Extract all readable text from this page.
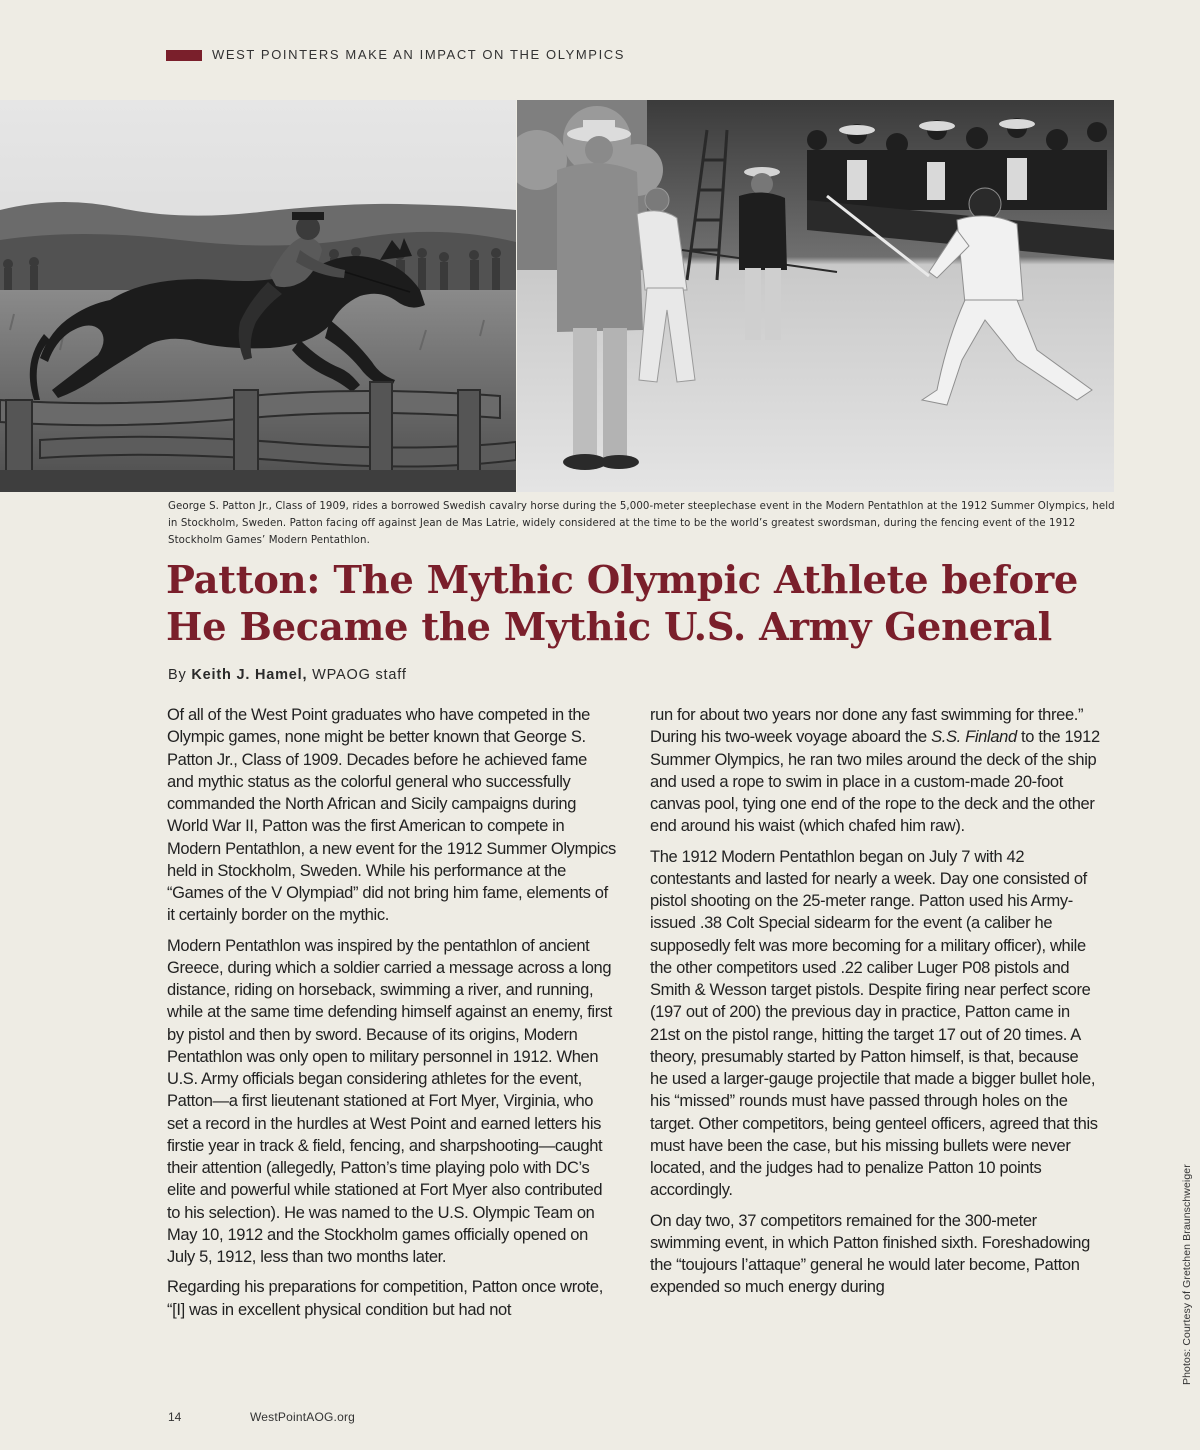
WEST POINTERS MAKE AN IMPACT ON THE OLYMPICS

George S. Patton Jr., Class of 1909, rides a borrowed Swedish cavalry horse during the 5,000-meter steeplechase event in the Modern Pentathlon at the 1912 Summer Olympics, held in Stockholm, Sweden. Patton facing off against Jean de Mas Latrie, widely considered at the time to be the world’s greatest swordsman, during the fencing event of the 1912 Stockholm Games’ Modern Pentathlon.

Patton: The Mythic Olympic Athlete before
He Became the Mythic U.S. Army General
By Keith J. Hamel, WPAOG staff

Of all of the West Point graduates who have competed in the Olympic games, none might be better known that George S. Patton Jr., Class of 1909. Decades before he achieved fame and mythic status as the colorful general who successfully commanded the North African and Sicily campaigns during World War II, Patton was the first American to compete in Modern Pentathlon, a new event for the 1912 Summer Olympics held in Stockholm, Sweden. While his performance at the “Games of the V Olympiad” did not bring him fame, elements of it certainly border on the mythic.

Modern Pentathlon was inspired by the pentathlon of ancient Greece, during which a soldier carried a message across a long distance, riding on horseback, swimming a river, and running, while at the same time defending himself against an enemy, first by pistol and then by sword. Because of its origins, Modern Pentathlon was only open to military personnel in 1912. When U.S. Army officials began considering athletes for the event, Patton—a first lieutenant stationed at Fort Myer, Virginia, who set a record in the hurdles at West Point and earned letters his firstie year in track & field, fencing, and sharpshooting—caught their attention (allegedly, Patton’s time playing polo with DC’s elite and powerful while stationed at Fort Myer also contributed to his selection). He was named to the U.S. Olympic Team on May 10, 1912 and the Stockholm games officially opened on July 5, 1912, less than two months later.

Regarding his preparations for competition, Patton once wrote, “[I] was in excellent physical condition but had not

run for about two years nor done any fast swimming for three.” During his two-week voyage aboard the S.S. Finland to the 1912 Summer Olympics, he ran two miles around the deck of the ship and used a rope to swim in place in a custom-made 20-foot canvas pool, tying one end of the rope to the deck and the other end around his waist (which chafed him raw).

The 1912 Modern Pentathlon began on July 7 with 42 contestants and lasted for nearly a week. Day one consisted of pistol shooting on the 25-meter range. Patton used his Army-issued .38 Colt Special sidearm for the event (a caliber he supposedly felt was more becoming for a military officer), while the other competitors used .22 caliber Luger P08 pistols and Smith & Wesson target pistols. Despite firing near perfect score (197 out of 200) the previous day in practice, Patton came in 21st on the pistol range, hitting the target 17 out of 20 times. A theory, presumably started by Patton himself, is that, because he used a larger-gauge projectile that made a bigger bullet hole, his “missed” rounds must have passed through holes on the target. Other competitors, being genteel officers, agreed that this must have been the case, but his missing bullets were never located, and the judges had to penalize Patton 10 points accordingly.

On day two, 37 competitors remained for the 300-meter swimming event, in which Patton finished sixth. Foreshadowing the “toujours l’attaque” general he would later become, Patton expended so much energy during	Photos: Courtesy of Gretchen Braunschweiger
14	WestPointAOG.org
